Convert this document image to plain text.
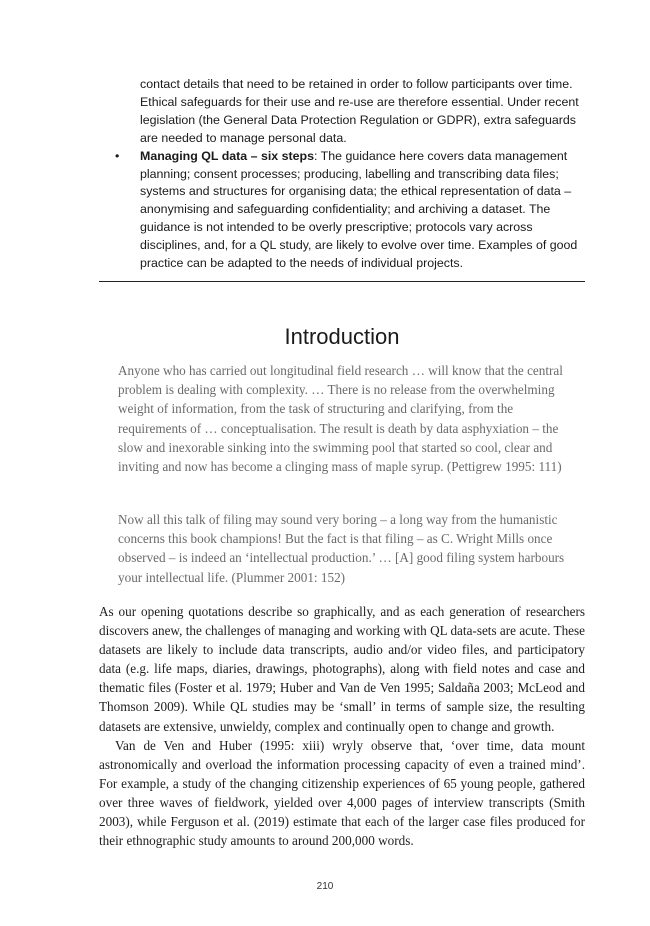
contact details that need to be retained in order to follow participants over time. Ethical safeguards for their use and re-use are therefore essential. Under recent legislation (the General Data Protection Regulation or GDPR), extra safeguards are needed to manage personal data.

• Managing QL data – six steps: The guidance here covers data management planning; consent processes; producing, labelling and transcribing data files; systems and structures for organising data; the ethical representation of data – anonymising and safeguarding confidentiality; and archiving a dataset. The guidance is not intended to be overly prescriptive; protocols vary across disciplines, and, for a QL study, are likely to evolve over time. Examples of good practice can be adapted to the needs of individual projects.

Introduction

Anyone who has carried out longitudinal field research … will know that the central problem is dealing with complexity. … There is no release from the overwhelming weight of information, from the task of structuring and clarifying, from the requirements of … conceptualisation. The result is death by data asphyxiation – the slow and inexorable sinking into the swimming pool that started so cool, clear and inviting and now has become a clinging mass of maple syrup. (Pettigrew 1995: 111)

Now all this talk of filing may sound very boring – a long way from the humanistic concerns this book champions! But the fact is that filing – as C. Wright Mills once observed – is indeed an ‘intellectual production.’ … [A] good filing system harbours your intellectual life. (Plummer 2001: 152)

As our opening quotations describe so graphically, and as each generation of researchers discovers anew, the challenges of managing and working with QL data-sets are acute. These datasets are likely to include data transcripts, audio and/or video files, and participatory data (e.g. life maps, diaries, drawings, photographs), along with field notes and case and thematic files (Foster et al. 1979; Huber and Van de Ven 1995; Saldaña 2003; McLeod and Thomson 2009). While QL studies may be ‘small’ in terms of sample size, the resulting datasets are extensive, unwieldy, complex and continually open to change and growth.

Van de Ven and Huber (1995: xiii) wryly observe that, ‘over time, data mount astronomically and overload the information processing capacity of even a trained mind’. For example, a study of the changing citizenship experiences of 65 young people, gathered over three waves of fieldwork, yielded over 4,000 pages of interview transcripts (Smith 2003), while Ferguson et al. (2019) estimate that each of the larger case files produced for their ethnographic study amounts to around 200,000 words.

210
